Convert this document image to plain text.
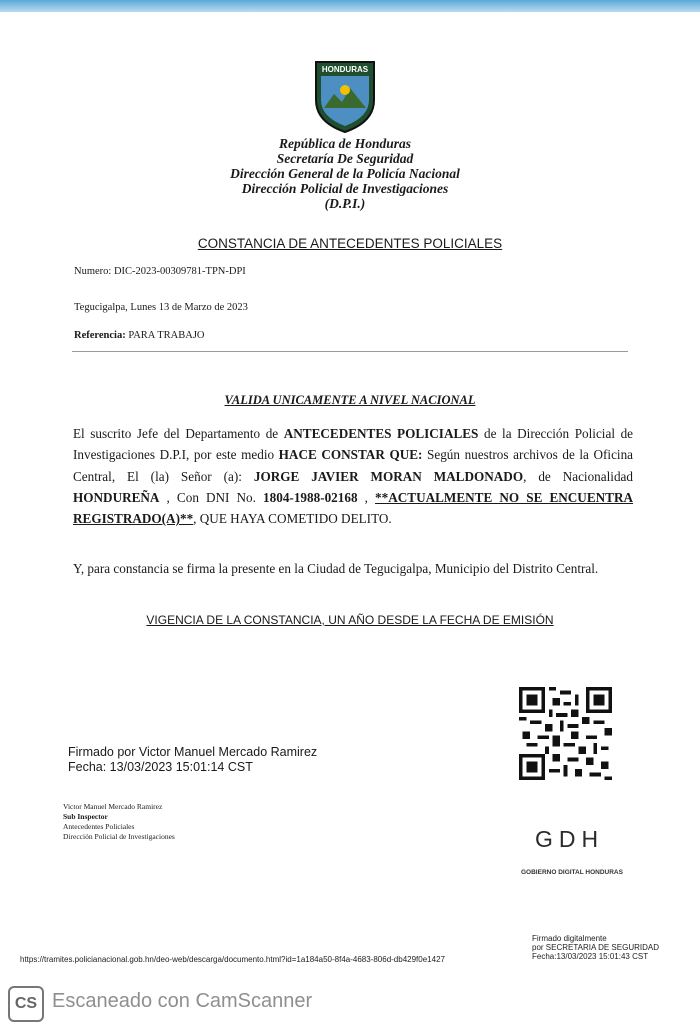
HONDURAS
República de Honduras
Secretaría De Seguridad
Dirección General de la Policía Nacional
Dirección Policial de Investigaciones
(D.P.I.)
CONSTANCIA DE ANTECEDENTES POLICIALES
Numero: DIC-2023-00309781-TPN-DPI
Tegucigalpa, Lunes 13 de Marzo de 2023
Referencia: PARA TRABAJO
VALIDA UNICAMENTE A NIVEL NACIONAL
El suscrito Jefe del Departamento de ANTECEDENTES POLICIALES de la Dirección Policial de Investigaciones D.P.I, por este medio HACE CONSTAR QUE: Según nuestros archivos de la Oficina Central, El (la) Señor (a): JORGE JAVIER MORAN MALDONADO, de Nacionalidad HONDUREÑA , Con DNI No. 1804-1988-02168 , **ACTUALMENTE NO SE ENCUENTRA REGISTRADO(A)**, QUE HAYA COMETIDO DELITO.
Y, para constancia se firma la presente en la Ciudad de Tegucigalpa, Municipio del Distrito Central.
VIGENCIA DE LA CONSTANCIA, UN AÑO DESDE LA FECHA DE EMISIÓN
Firmado por Victor Manuel Mercado Ramirez
Fecha: 13/03/2023 15:01:14 CST
Victor Manuel Mercado Ramirez
Sub Inspector
Antecedentes Policiales
Dirección Policial de Investigaciones	GDH
GOBIERNO DIGITAL HONDURAS
Firmado digitalmente
por SECRETARIA DE SEGURIDAD
Fecha:13/03/2023 15:01:43 CST
https://tramites.policianacional.gob.hn/deo-web/descarga/documento.html?id=1a184a50-8f4a-4683-806d-db429f0e1427
CS Escaneado con CamScanner
